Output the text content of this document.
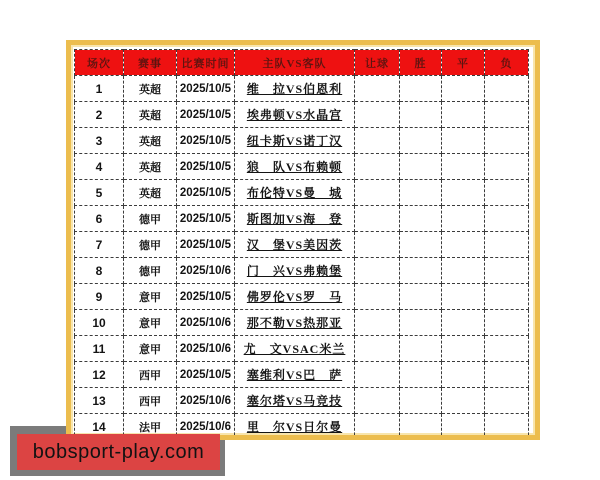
场次	赛事	比赛时间	主队VS客队	让球	胜	平	负
1	英超	2025/10/5	维　拉VS伯恩利				
2	英超	2025/10/5	埃弗顿VS水晶宫				
3	英超	2025/10/5	纽卡斯VS诺丁汉				
4	英超	2025/10/5	狼　队VS布赖顿				
5	英超	2025/10/5	布伦特VS曼　城				
6	德甲	2025/10/5	斯图加VS海　登				
7	德甲	2025/10/5	汉　堡VS美因茨				
8	德甲	2025/10/6	门　兴VS弗赖堡				
9	意甲	2025/10/5	佛罗伦VS罗　马				
10	意甲	2025/10/6	那不勒VS热那亚				
11	意甲	2025/10/6	尤　文VSAC米兰				
12	西甲	2025/10/5	塞维利VS巴　萨				
13	西甲	2025/10/6	塞尔塔VS马竞技				
14	法甲	2025/10/6	里　尔VS日尔曼				
bobsport-play.com
